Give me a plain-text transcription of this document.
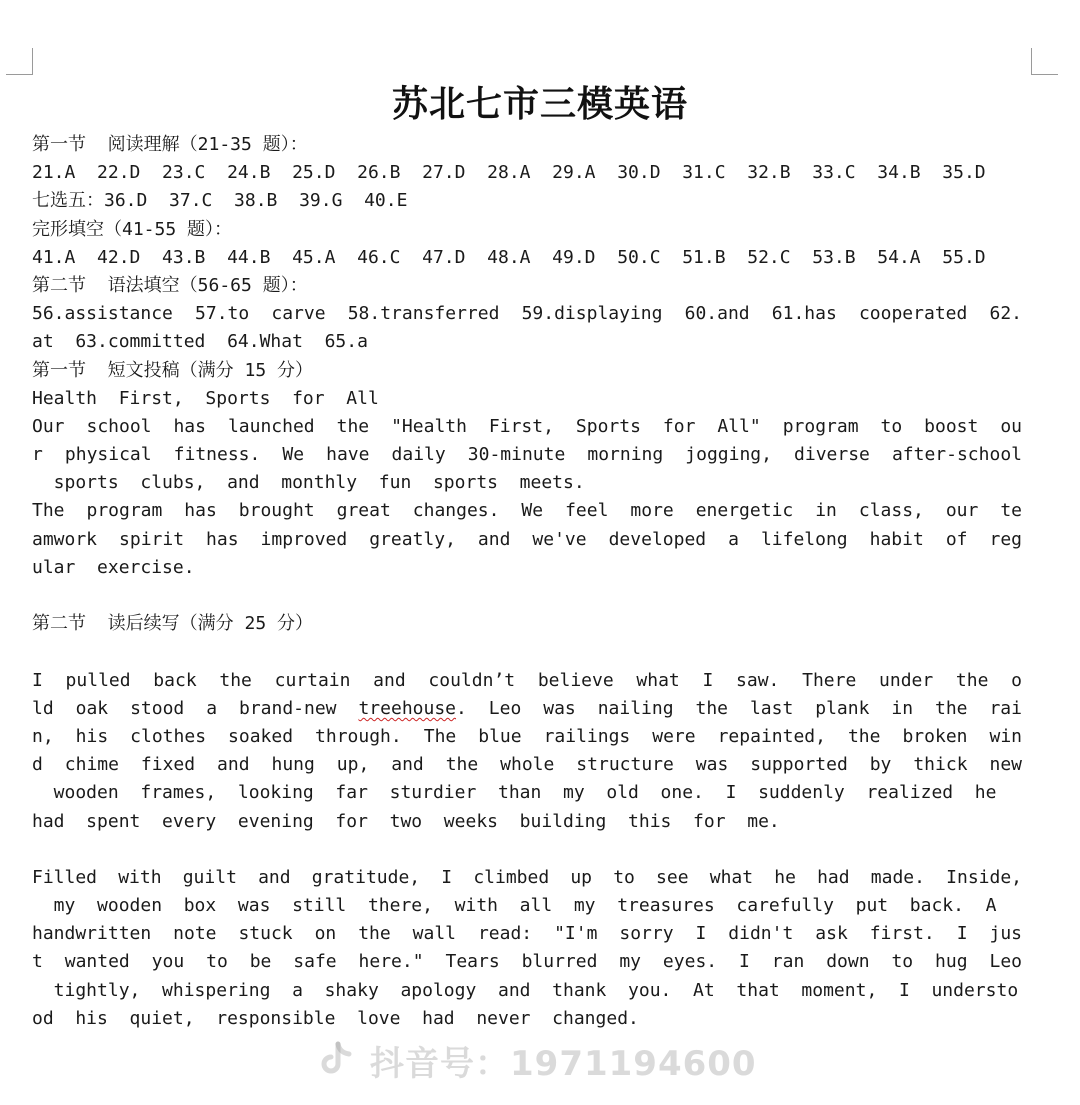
苏北七市三模英语
第一节  阅读理解（21-35 题）：
21.A  22.D  23.C  24.B  25.D  26.B  27.D  28.A  29.A  30.D  31.C  32.B  33.C  34.B  35.D
七选五：36.D  37.C  38.B  39.G  40.E
完形填空（41-55 题）：
41.A  42.D  43.B  44.B  45.A  46.C  47.D  48.A  49.D  50.C  51.B  52.C  53.B  54.A  55.D
第二节  语法填空（56-65 题）：
56.assistance 57.to carve 58.transferred 59.displaying 60.and 61.has cooperated 62.
at  63.committed  64.What  65.a
第一节  短文投稿（满分 15 分）
Health  First,  Sports  for  All
Our school has launched the "Health First, Sports for All" program to boost ou
r physical fitness. We have daily 30-minute morning jogging, diverse after-school
sports  clubs,  and  monthly  fun  sports  meets.
The program has brought great changes. We feel more energetic in class, our te
amwork spirit has improved greatly, and we've developed a lifelong habit of reg
ular  exercise.
第二节  读后续写（满分 25 分）
I pulled back the curtain and couldn’t believe what I saw. There under the o
ld oak stood a brand-new treehouse. Leo was nailing the last plank in the rai
n, his clothes soaked through. The blue railings were repainted, the broken win
d chime fixed and hung up, and the whole structure was supported by thick new
wooden  frames,  looking  far  sturdier  than  my  old  one.  I  suddenly  realized  he
had  spent  every  evening  for  two  weeks  building  this  for  me.
Filled with guilt and gratitude, I climbed up to see what he had made. Inside,
my  wooden  box  was  still  there,  with  all  my  treasures  carefully  put  back.  A
handwritten note stuck on the wall read: "I'm sorry I didn't ask first. I jus
t wanted you to be safe here." Tears blurred my eyes. I ran down to hug Leo
tightly,  whispering  a  shaky  apology  and  thank  you.  At  that  moment,  I  understo
od  his  quiet,  responsible  love  had  never  changed.
抖音号：1971194600
